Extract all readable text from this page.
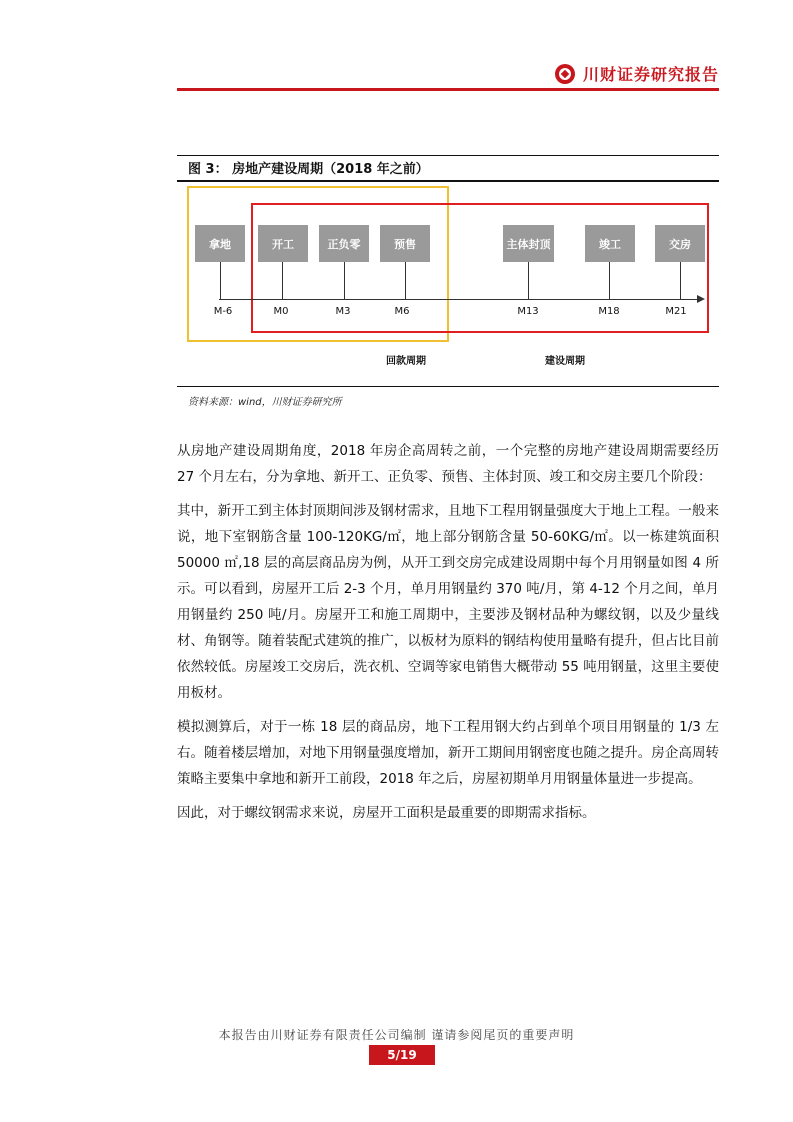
川财证券研究报告
图 3： 房地产建设周期（2018 年之前）
拿地	开工	正负零	预售	主体封顶	竣工	交房
M-6	M0	M3	M6	M13	M18	M21
回款周期	建设周期
资料来源：wind，川财证券研究所

从房地产建设周期角度，2018 年房企高周转之前，一个完整的房地产建设周期需要经历 27 个月左右，分为拿地、新开工、正负零、预售、主体封顶、竣工和交房主要几个阶段：

其中，新开工到主体封顶期间涉及钢材需求，且地下工程用钢量强度大于地上工程。一般来说，地下室钢筋含量 100-120KG/㎡，地上部分钢筋含量 50-60KG/㎡。以一栋建筑面积 50000 ㎡,18 层的高层商品房为例，从开工到交房完成建设周期中每个月用钢量如图 4 所示。可以看到，房屋开工后 2-3 个月，单月用钢量约 370 吨/月，第 4-12 个月之间，单月用钢量约 250 吨/月。房屋开工和施工周期中，主要涉及钢材品种为螺纹钢，以及少量线材、角钢等。随着装配式建筑的推广，以板材为原料的钢结构使用量略有提升，但占比目前依然较低。房屋竣工交房后，洗衣机、空调等家电销售大概带动 55 吨用钢量，这里主要使用板材。

模拟测算后，对于一栋 18 层的商品房，地下工程用钢大约占到单个项目用钢量的 1/3 左右。随着楼层增加，对地下用钢量强度增加，新开工期间用钢密度也随之提升。房企高周转策略主要集中拿地和新开工前段，2018 年之后，房屋初期单月用钢量体量进一步提高。

因此，对于螺纹钢需求来说，房屋开工面积是最重要的即期需求指标。

本报告由川财证券有限责任公司编制 谨请参阅尾页的重要声明
5/19
